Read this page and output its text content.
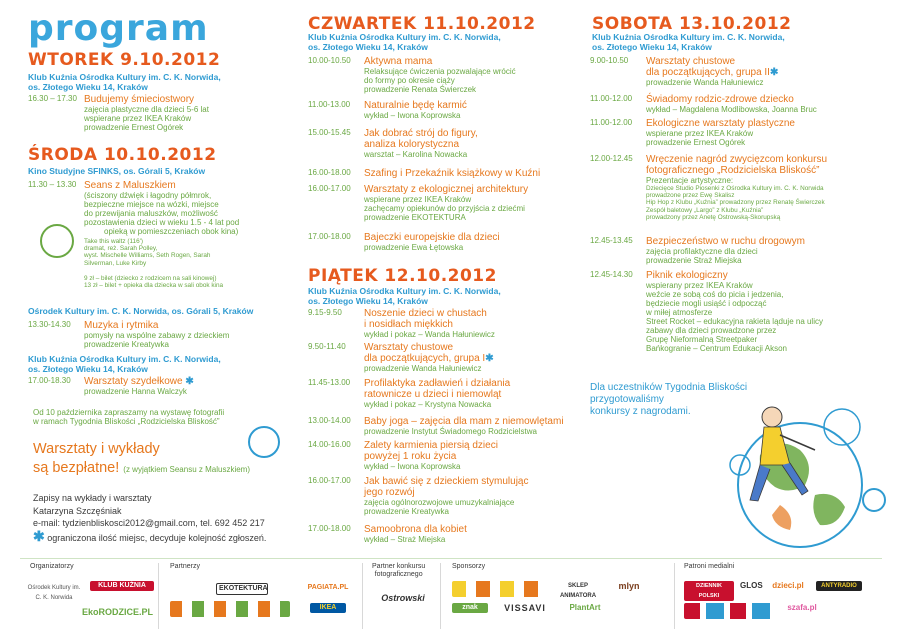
program
WTOREK 9.10.2012
Klub Kuźnia Ośrodka Kultury im. C. K. Norwida,
os. Złotego Wieku 14, Kraków
16.30 – 17.30 Budujemy śmieciostwory
zajęcia plastyczne dla dzieci 5-6 lat
wspierane przez IKEA Kraków
prowadzenie Ernest Ogórek
ŚRODA 10.10.2012
Kino Studyjne SFINKS, os. Górali 5, Kraków
11.30 – 13.30 Seans z Maluszkiem
(ściszony dźwięk i łagodny półmrok,
bezpieczne miejsce na wózki, miejsce
do przewijania maluszków, możliwość
pozostawienia dzieci w wieku 1.5 - 4 lat pod
opieką w pomieszczeniach obok kina)
Take this waltz (116')
dramat, reż. Sarah Polley,
wyst. Mischelle Williams, Seth Rogen, Sarah
Silverman, Luke Kirby
9 zł – bilet (dziecko z rodzicem na sali kinowej)
13 zł – bilet + opieka dla dziecka w sali obok kina
Ośrodek Kultury im. C. K. Norwida, os. Górali 5, Kraków
13.30-14.30	Muzyka i rytmika
pomysły na wspólne zabawy z dzieckiem
prowadzenie Kreatywka
Klub Kuźnia Ośrodka Kultury im. C. K. Norwida,
os. Złotego Wieku 14, Kraków
17.00-18.30	Warsztaty szydełkowe ✱
prowadzenie Hanna Walczyk
Od 10 października zapraszamy na wystawę fotografii
w ramach Tygodnia Bliskości „Rodzicielska Bliskość”
Warsztaty i wykłady
są bezpłatne! (z wyjątkiem Seansu z Maluszkiem)
Zapisy na wykłady i warsztaty
Katarzyna Szczęśniak
e-mail: tydzienbliskosci2012@gmail.com, tel. 692 452 217
✱ ograniczona ilość miejsc, decyduje kolejność zgłoszeń.
CZWARTEK 11.10.2012
Klub Kuźnia Ośrodka Kultury im. C. K. Norwida,
os. Złotego Wieku 14, Kraków
10.00-10.50	Aktywna mama
Relaksujące ćwiczenia pozwalające wrócić
do formy po okresie ciąży
prowadzenie Renata Świerczek
11.00-13.00	Naturalnie będę karmić
wykład – Iwona Koprowska
15.00-15.45	Jak dobrać strój do figury,
analiza kolorystyczna
warsztat – Karolina Nowacka
16.00-18.00	Szafing i Przekaźnik książkowy w Kuźni
16.00-17.00	Warsztaty z ekologicznej architektury
wspierane przez IKEA Kraków
zachęcamy opiekunów do przyjścia z dziećmi
prowadzenie EKOTEKTURA
17.00-18.00	Bajeczki europejskie dla dzieci
prowadzenie Ewa Łętowska
PIĄTEK 12.10.2012
Klub Kuźnia Ośrodka Kultury im. C. K. Norwida,
os. Złotego Wieku 14, Kraków
9.15-9.50	Noszenie dzieci w chustach
i nosidłach miękkich
wykład i pokaz – Wanda Hałuniewicz
9.50-11.40	Warsztaty chustowe
dla początkujących, grupa I✱
prowadzenie Wanda Hałuniewicz
11.45-13.00	Profilaktyka zadławień i działania
ratownicze u dzieci i niemowląt
wykład i pokaz – Krystyna Nowacka
13.00-14.00	Baby joga – zajęcia dla mam z niemowlętami
prowadzenie Instytut Świadomego Rodzicielstwa
14.00-16.00	Zalety karmienia piersią dzieci
powyżej 1 roku życia
wykład – Iwona Koprowska
16.00-17.00	Jak bawić się z dzieckiem stymulując
jego rozwój
zajęcia ogólnorozwojowe umuzykalniające
prowadzenie Kreatywka
17.00-18.00	Samoobrona dla kobiet
wykład – Straż Miejska
SOBOTA 13.10.2012
Klub Kuźnia Ośrodka Kultury im. C. K. Norwida,
os. Złotego Wieku 14, Kraków
9.00-10.50	Warsztaty chustowe
dla początkujących, grupa II✱
prowadzenie Wanda Hałuniewicz
11.00-12.00	Świadomy rodzic-zdrowe dziecko
wykład – Magdalena Modlibowska, Joanna Bruc
11.00-12.00	Ekologiczne warsztaty plastyczne
wspierane przez IKEA Kraków
prowadzenie Ernest Ogórek
12.00-12.45	Wręczenie nagród zwycięzcom konkursu
fotograficznego „Rodzicielska Bliskość”
Prezentacje artystyczne:
Dziecięce Studio Piosenki z Ośrodka Kultury im. C. K. Norwida
prowadzone przez Ewę Skalisz
Hip Hop z Klubu „Kuźnia” prowadzony przez Renatę Świerczek
Zespół baletowy „Largo” z Klubu „Kuźnia”
prowadzony przez Anetę Ostrowską-Skorupską
12.45-13.45	Bezpieczeństwo w ruchu drogowym
zajęcia profilaktyczne dla dzieci
prowadzenie Straż Miejska
12.45-14.30	Piknik ekologiczny
wspierany przez IKEA Kraków
weźcie ze sobą coś do picia i jedzenia,
będziecie mogli usiąść i odpocząć
w miłej atmosferze
Street Rocket – edukacyjna rakieta ląduje na ulicy
zabawy dla dzieci prowadzone przez
Grupę Nieformalną Streetpaker
Bańkogranie – Centrum Edukacji Akson
Dla uczestników Tygodnia Bliskości
przygotowaliśmy
konkursy z nagrodami.
Organizatorzy	Partnerzy	Partner konkursu
fotograficznego
Sponsorzy	Patroni medialni
Ośrodek Kultury im. C. K. Norwida
KLUB KUŹNIA
EkoRODZICE.PL
EKOTEKTURA	PAGIATA.PL
IKEA
Ostrowski
SKLEP ANIMATORA
mlyn
znak	VISSAVI	PlantArt
DZIENNIK POLSKI
GLOS	dzieci.pl	ANTYRADIO
szafa.pl
